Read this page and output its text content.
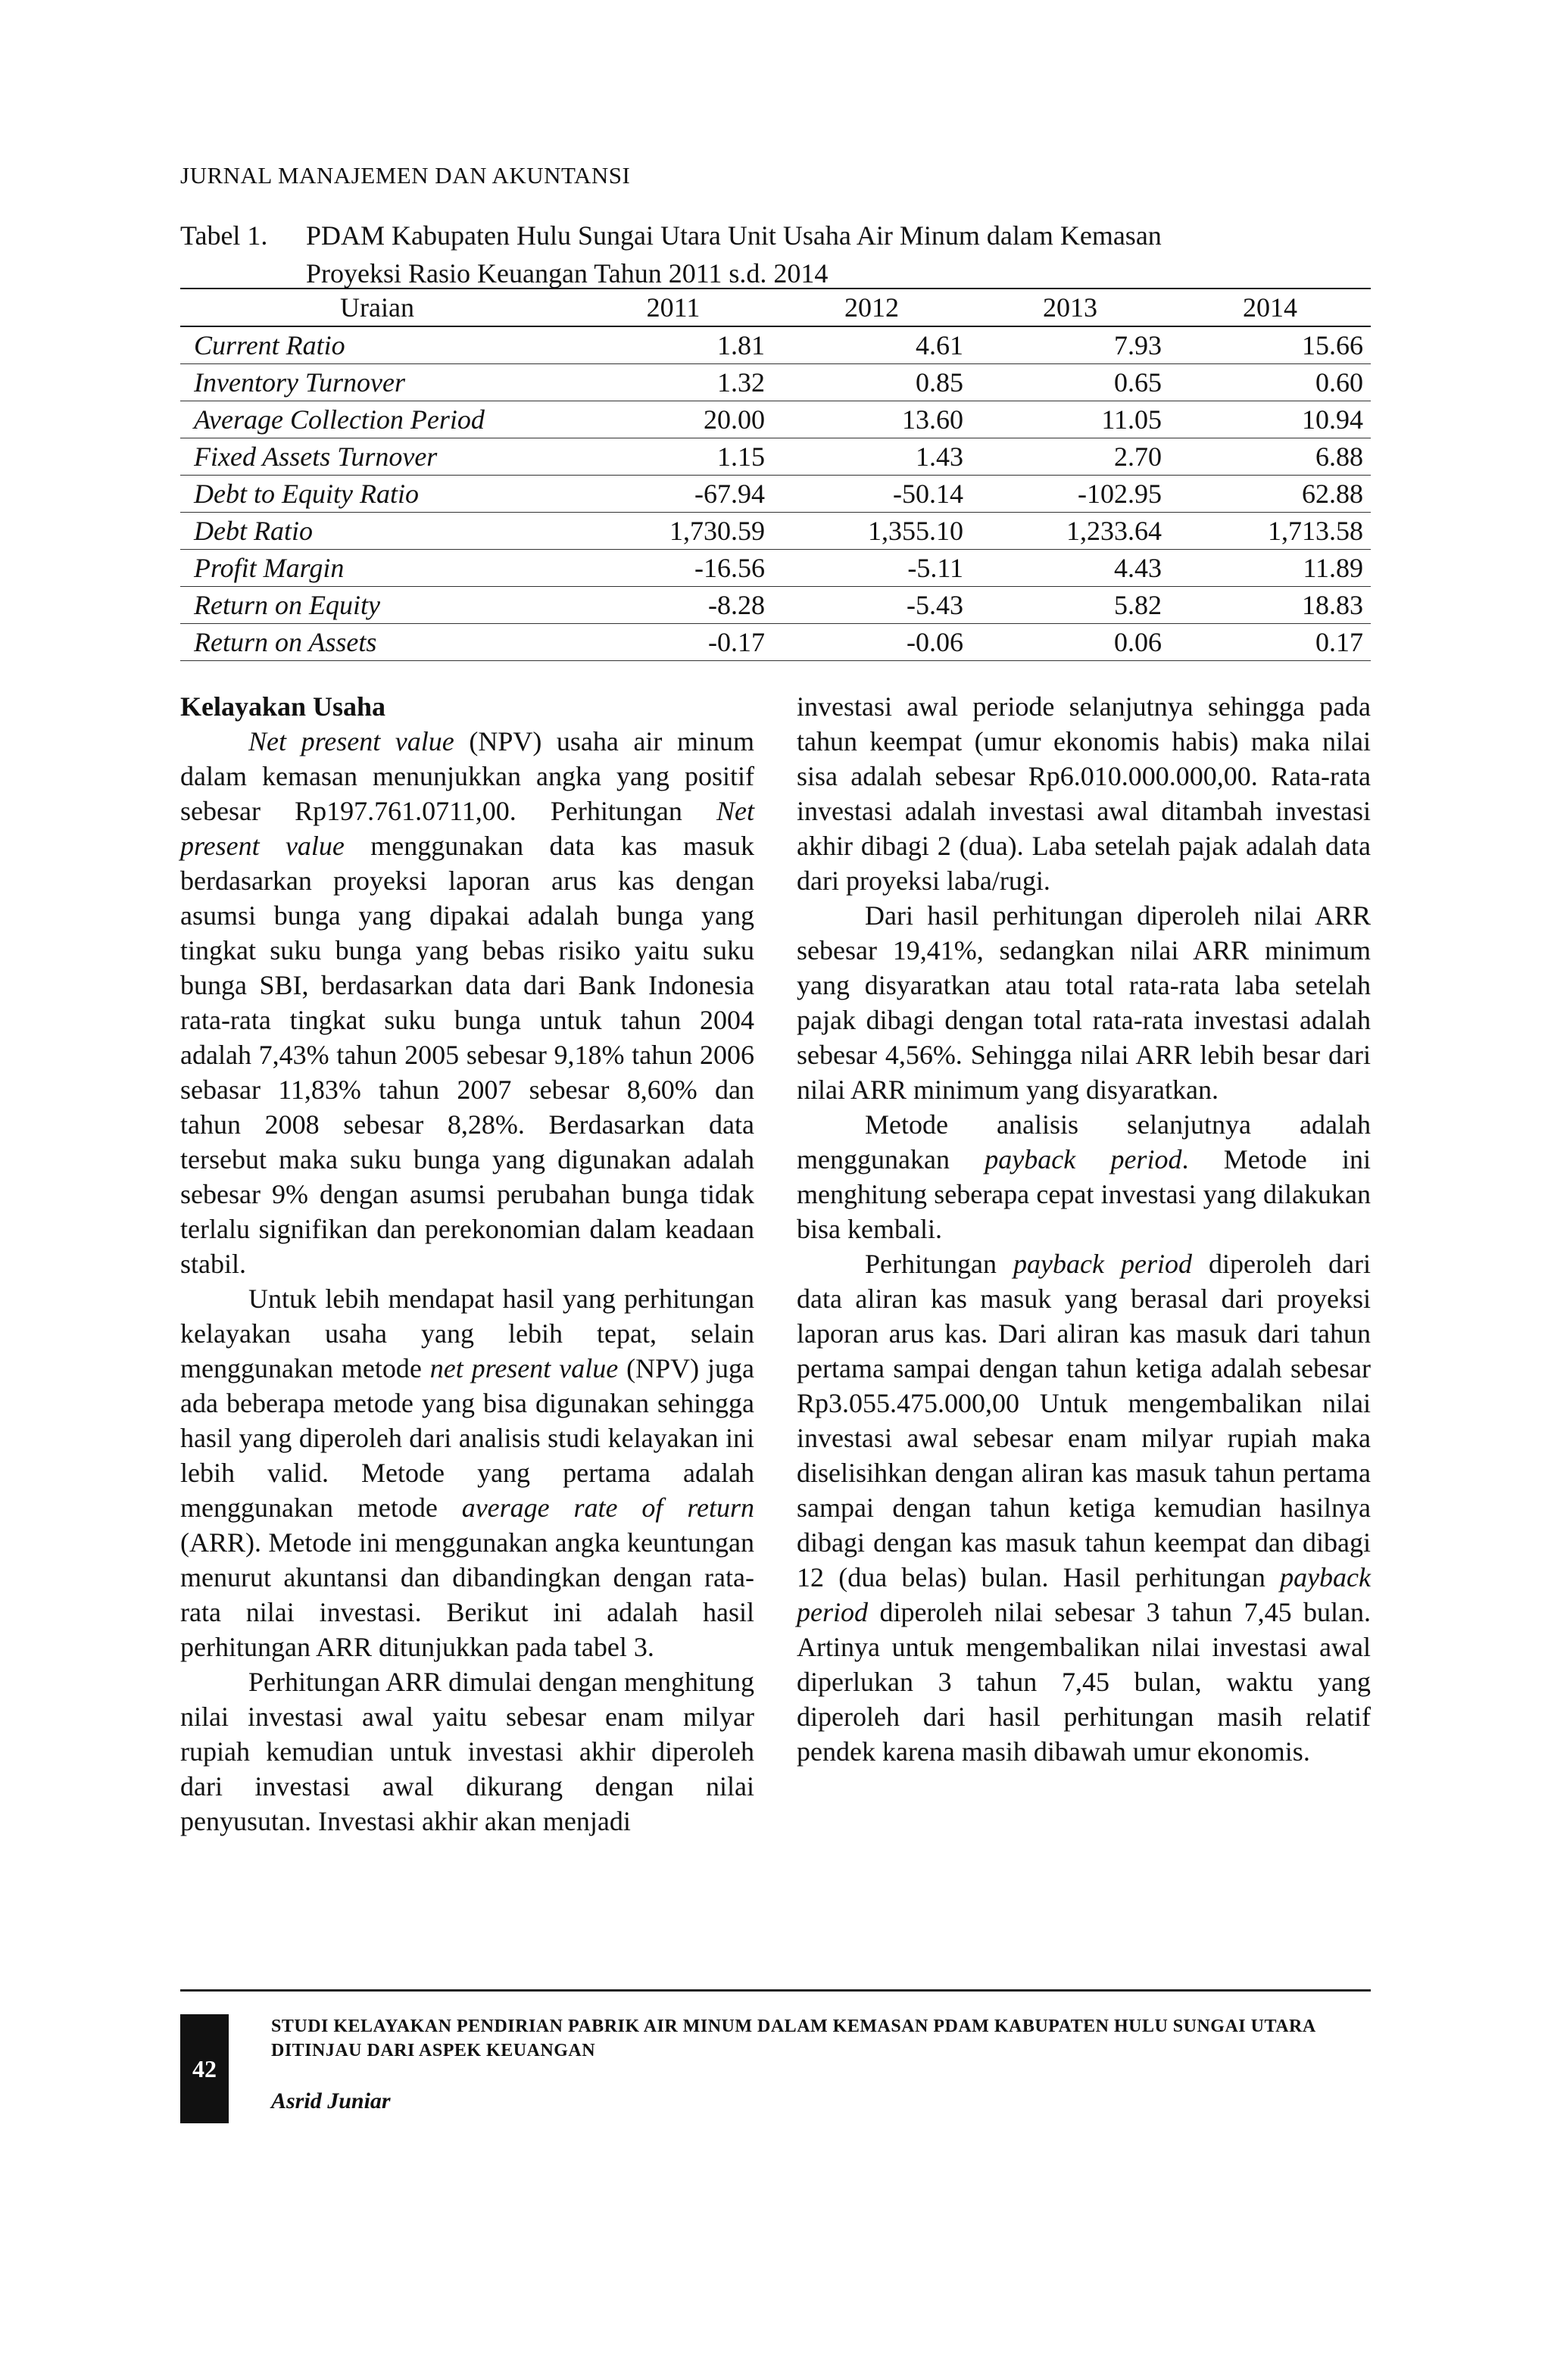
JURNAL MANAJEMEN DAN AKUNTANSI
Tabel 1. PDAM Kabupaten Hulu Sungai Utara Unit Usaha Air Minum dalam Kemasan
Proyeksi Rasio Keuangan Tahun 2011 s.d. 2014
Uraian	2011	2012	2013	2014
Current Ratio	1.81	4.61	7.93	15.66
Inventory Turnover	1.32	0.85	0.65	0.60
Average Collection Period	20.00	13.60	11.05	10.94
Fixed Assets Turnover	1.15	1.43	2.70	6.88
Debt to Equity Ratio	-67.94	-50.14	-102.95	62.88
Debt Ratio	1,730.59	1,355.10	1,233.64	1,713.58
Profit Margin	-16.56	-5.11	4.43	11.89
Return on Equity	-8.28	-5.43	5.82	18.83
Return on Assets	-0.17	-0.06	0.06	0.17
Kelayakan Usaha

Net present value (NPV) usaha air minum dalam kemasan menunjukkan angka yang positif sebesar Rp197.761.0711,00. Perhitungan Net present value menggunakan data kas masuk berdasarkan proyeksi laporan arus kas dengan asumsi bunga yang dipakai adalah bunga yang tingkat suku bunga yang bebas risiko yaitu suku bunga SBI, berdasarkan data dari Bank Indonesia rata-rata tingkat suku bunga untuk tahun 2004 adalah 7,43% tahun 2005 sebesar 9,18% tahun 2006 sebasar 11,83% tahun 2007 sebesar 8,60% dan tahun 2008 sebesar 8,28%. Berdasarkan data tersebut maka suku bunga yang digunakan adalah sebesar 9% dengan asumsi perubahan bunga tidak terlalu signifikan dan perekonomian dalam keadaan stabil.

Untuk lebih mendapat hasil yang perhitungan kelayakan usaha yang lebih tepat, selain menggunakan metode net present value (NPV) juga ada beberapa metode yang bisa digunakan sehingga hasil yang diperoleh dari analisis studi kelayakan ini lebih valid. Metode yang pertama adalah menggunakan metode average rate of return (ARR). Metode ini menggunakan angka keuntungan menurut akuntansi dan dibandingkan dengan rata-rata nilai investasi. Berikut ini adalah hasil perhitungan ARR ditunjukkan pada tabel 3.

Perhitungan ARR dimulai dengan menghitung nilai investasi awal yaitu sebesar enam milyar rupiah kemudian untuk investasi akhir diperoleh dari investasi awal dikurang dengan nilai penyusutan. Investasi akhir akan menjadi

investasi awal periode selanjutnya sehingga pada tahun keempat (umur ekonomis habis) maka nilai sisa adalah sebesar Rp6.010.000.000,00. Rata-rata investasi adalah investasi awal ditambah investasi akhir dibagi 2 (dua). Laba setelah pajak adalah data dari proyeksi laba/rugi.

Dari hasil perhitungan diperoleh nilai ARR sebesar 19,41%, sedangkan nilai ARR minimum yang disyaratkan atau total rata-rata laba setelah pajak dibagi dengan total rata-rata investasi adalah sebesar 4,56%. Sehingga nilai ARR lebih besar dari nilai ARR minimum yang disyaratkan.

Metode analisis selanjutnya adalah menggunakan payback period. Metode ini menghitung seberapa cepat investasi yang dilakukan bisa kembali.

Perhitungan payback period diperoleh dari data aliran kas masuk yang berasal dari proyeksi laporan arus kas. Dari aliran kas masuk dari tahun pertama sampai dengan tahun ketiga adalah sebesar Rp3.055.475.000,00 Untuk mengembalikan nilai investasi awal sebesar enam milyar rupiah maka diselisihkan dengan aliran kas masuk tahun pertama sampai dengan tahun ketiga kemudian hasilnya dibagi dengan kas masuk tahun keempat dan dibagi 12 (dua belas) bulan. Hasil perhitungan payback period diperoleh nilai sebesar 3 tahun 7,45 bulan. Artinya untuk mengembalikan nilai investasi awal diperlukan 3 tahun 7,45 bulan, waktu yang diperoleh dari hasil perhitungan masih relatif pendek karena masih dibawah umur ekonomis.

42
STUDI KELAYAKAN PENDIRIAN PABRIK AIR MINUM DALAM KEMASAN PDAM KABUPATEN HULU SUNGAI UTARA DITINJAU DARI ASPEK KEUANGAN
Asrid Juniar
